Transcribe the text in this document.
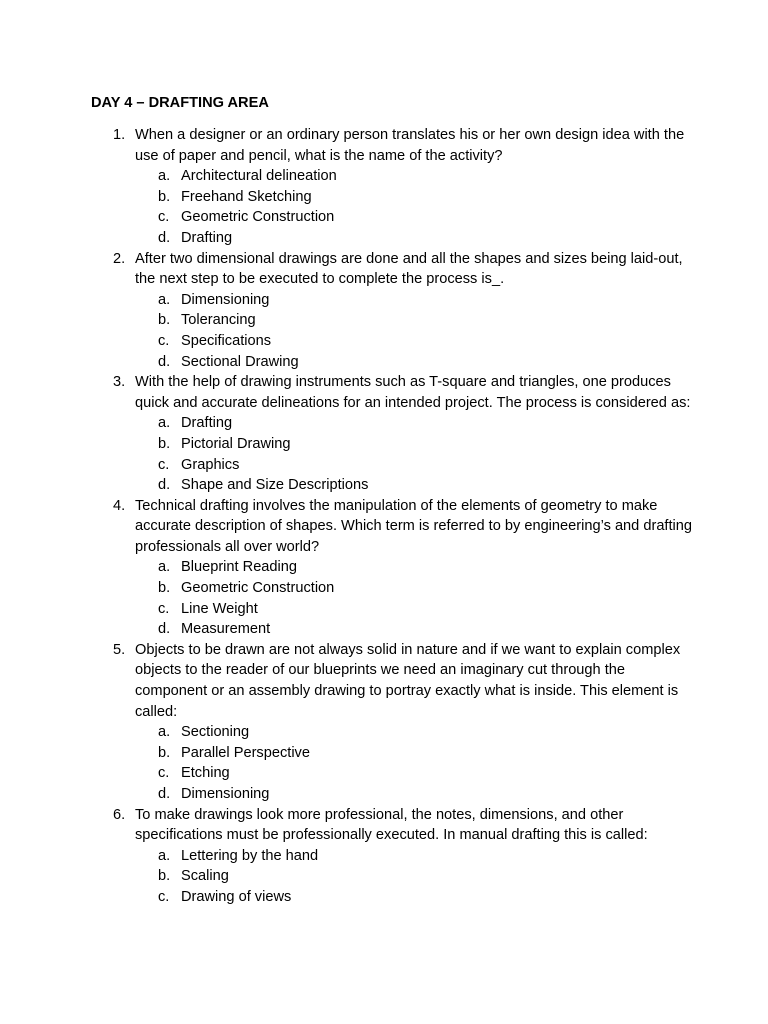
DAY 4 – DRAFTING AREA
1. When a designer or an ordinary person translates his or her own design idea with the use of paper and pencil, what is the name of the activity?
a. Architectural delineation
b. Freehand Sketching
c. Geometric Construction
d. Drafting
2. After two dimensional drawings are done and all the shapes and sizes being laid-out, the next step to be executed to complete the process is_.
a. Dimensioning
b. Tolerancing
c. Specifications
d. Sectional Drawing
3. With the help of drawing instruments such as T-square and triangles, one produces quick and accurate delineations for an intended project. The process is considered as:
a. Drafting
b. Pictorial Drawing
c. Graphics
d. Shape and Size Descriptions
4. Technical drafting involves the manipulation of the elements of geometry to make accurate description of shapes. Which term is referred to by engineering’s and drafting professionals all over world?
a. Blueprint Reading
b. Geometric Construction
c. Line Weight
d. Measurement
5. Objects to be drawn are not always solid in nature and if we want to explain complex objects to the reader of our blueprints we need an imaginary cut through the component or an assembly drawing to portray exactly what is inside. This element is called:
a. Sectioning
b. Parallel Perspective
c. Etching
d. Dimensioning
6. To make drawings look more professional, the notes, dimensions, and other specifications must be professionally executed. In manual drafting this is called:
a. Lettering by the hand
b. Scaling
c. Drawing of views
